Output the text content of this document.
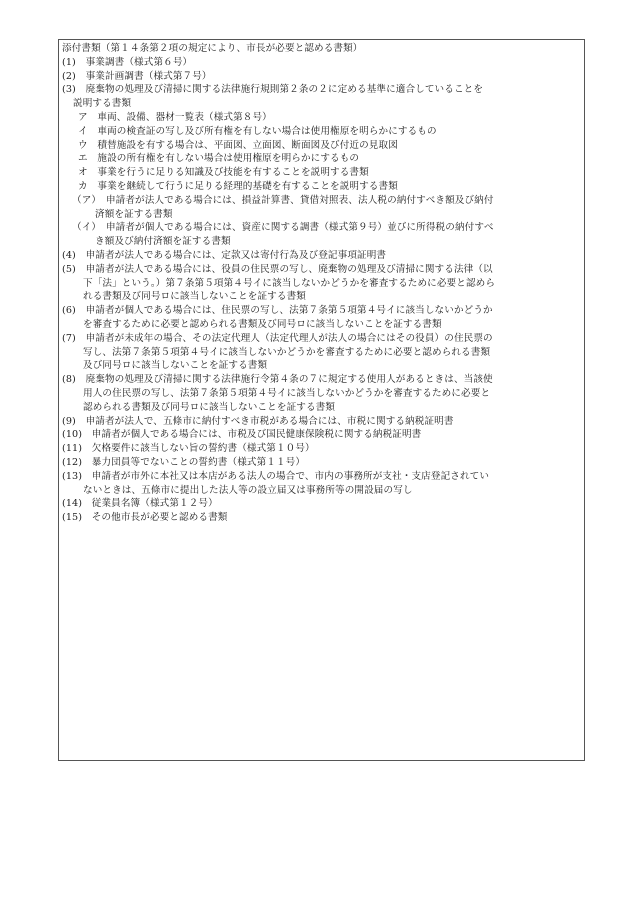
添付書類（第１４条第２項の規定により、市長が必要と認める書類）
(1)　事業調書（様式第６号）
(2)　事業計画調書（様式第７号）
(3)　廃棄物の処理及び清掃に関する法律施行規則第２条の２に定める基準に適合していることを
説明する書類
ア　車両、設備、器材一覧表（様式第８号）
イ　車両の検査証の写し及び所有権を有しない場合は使用権原を明らかにするもの
ウ　積替施設を有する場合は、平面図、立面図、断面図及び付近の見取図
エ　施設の所有権を有しない場合は使用権原を明らかにするもの
オ　事業を行うに足りる知識及び技能を有することを説明する書類
カ　事業を継続して行うに足りる経理的基礎を有することを説明する書類
（ア）　申請者が法人である場合には、損益計算書、貸借対照表、法人税の納付すべき額及び納付
済額を証する書類
（イ）　申請者が個人である場合には、資産に関する調書（様式第９号）並びに所得税の納付すべ
き額及び納付済額を証する書類
(4)　申請者が法人である場合には、定款又は寄付行為及び登記事項証明書
(5)　申請者が法人である場合には、役員の住民票の写し、廃棄物の処理及び清掃に関する法律（以
下「法」という。）第７条第５項第４号イに該当しないかどうかを審査するために必要と認めら
れる書類及び同号ロに該当しないことを証する書類
(6)　申請者が個人である場合には、住民票の写し、法第７条第５項第４号イに該当しないかどうか
を審査するために必要と認められる書類及び同号ロに該当しないことを証する書類
(7)　申請者が未成年の場合、その法定代理人（法定代理人が法人の場合にはその役員）の住民票の
写し、法第７条第５項第４号イに該当しないかどうかを審査するために必要と認められる書類
及び同号ロに該当しないことを証する書類
(8)　廃棄物の処理及び清掃に関する法律施行令第４条の７に規定する使用人があるときは、当該使
用人の住民票の写し、法第７条第５項第４号イに該当しないかどうかを審査するために必要と
認められる書類及び同号ロに該当しないことを証する書類
(9)　申請者が法人で、五條市に納付すべき市税がある場合には、市税に関する納税証明書
(10)　申請者が個人である場合には、市税及び国民健康保険税に関する納税証明書
(11)　欠格要件に該当しない旨の誓約書（様式第１０号）
(12)　暴力団員等でないことの誓約書（様式第１１号）
(13)　申請者が市外に本社又は本店がある法人の場合で、市内の事務所が支社・支店登記されてい
ないときは、五條市に提出した法人等の設立届又は事務所等の開設届の写し
(14)　従業員名簿（様式第１２号）
(15)　その他市長が必要と認める書類
